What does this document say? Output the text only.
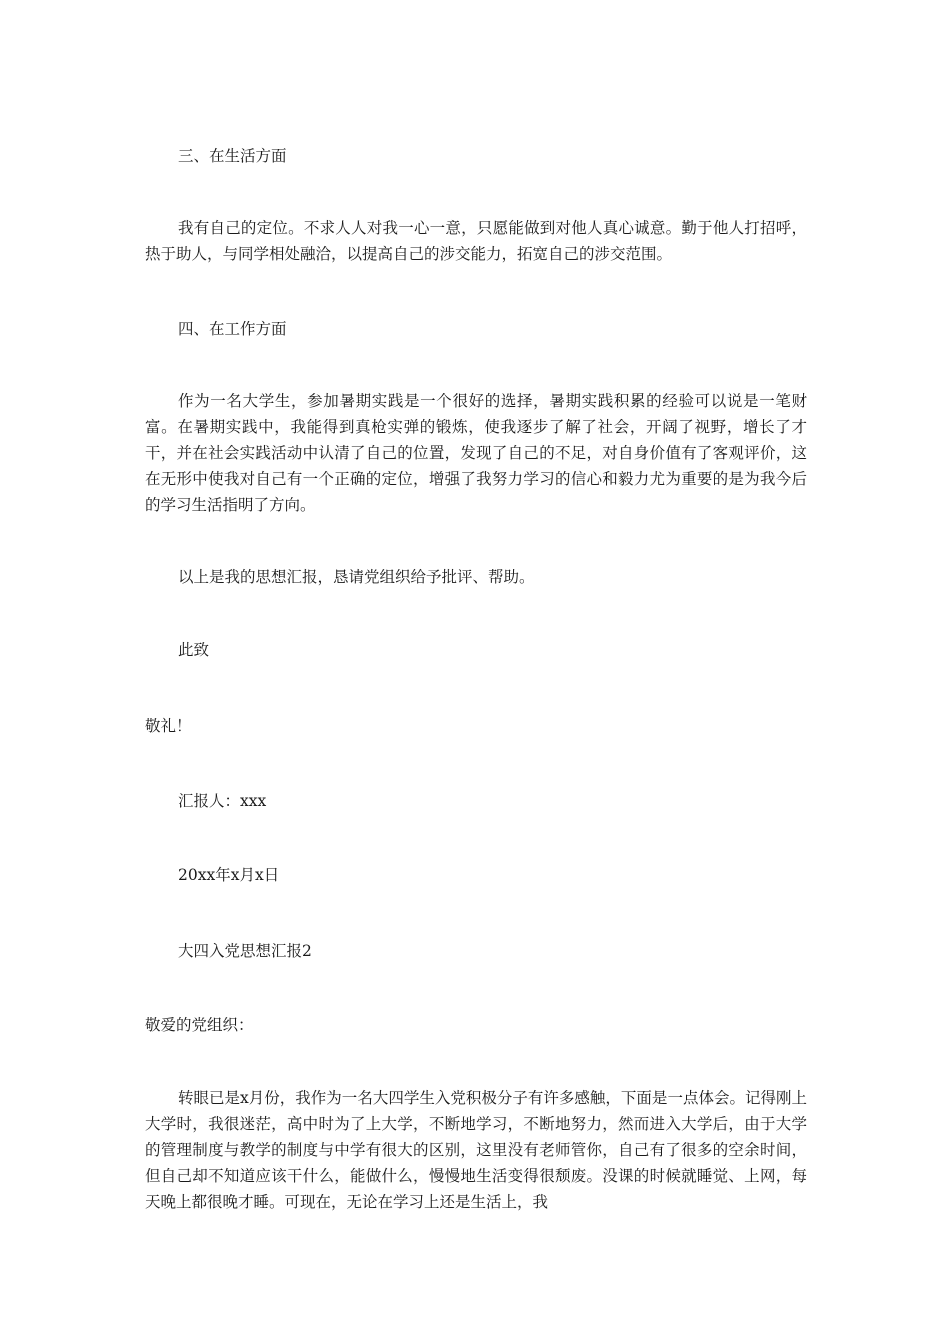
三、在生活方面

我有自己的定位。不求人人对我一心一意，只愿能做到对他人真心诚意。勤于他人打招呼，热于助人，与同学相处融洽，以提高自己的涉交能力，拓宽自己的涉交范围。

四、在工作方面

作为一名大学生，参加暑期实践是一个很好的选择，暑期实践积累的经验可以说是一笔财富。在暑期实践中，我能得到真枪实弹的锻炼，使我逐步了解了社会，开阔了视野，增长了才干，并在社会实践活动中认清了自己的位置，发现了自己的不足，对自身价值有了客观评价，这在无形中使我对自己有一个正确的定位，增强了我努力学习的信心和毅力尤为重要的是为我今后的学习生活指明了方向。

以上是我的思想汇报，恳请党组织给予批评、帮助。

此致

敬礼！

汇报人：xxx

20xx年x月x日

大四入党思想汇报2

敬爱的党组织：

转眼已是x月份，我作为一名大四学生入党积极分子有许多感触，下面是一点体会。记得刚上大学时，我很迷茫，高中时为了上大学，不断地学习，不断地努力，然而进入大学后，由于大学的管理制度与教学的制度与中学有很大的区别，这里没有老师管你，自己有了很多的空余时间，但自己却不知道应该干什么，能做什么，慢慢地生活变得很颓废。没课的时候就睡觉、上网，每天晚上都很晚才睡。可现在，无论在学习上还是生活上，我
